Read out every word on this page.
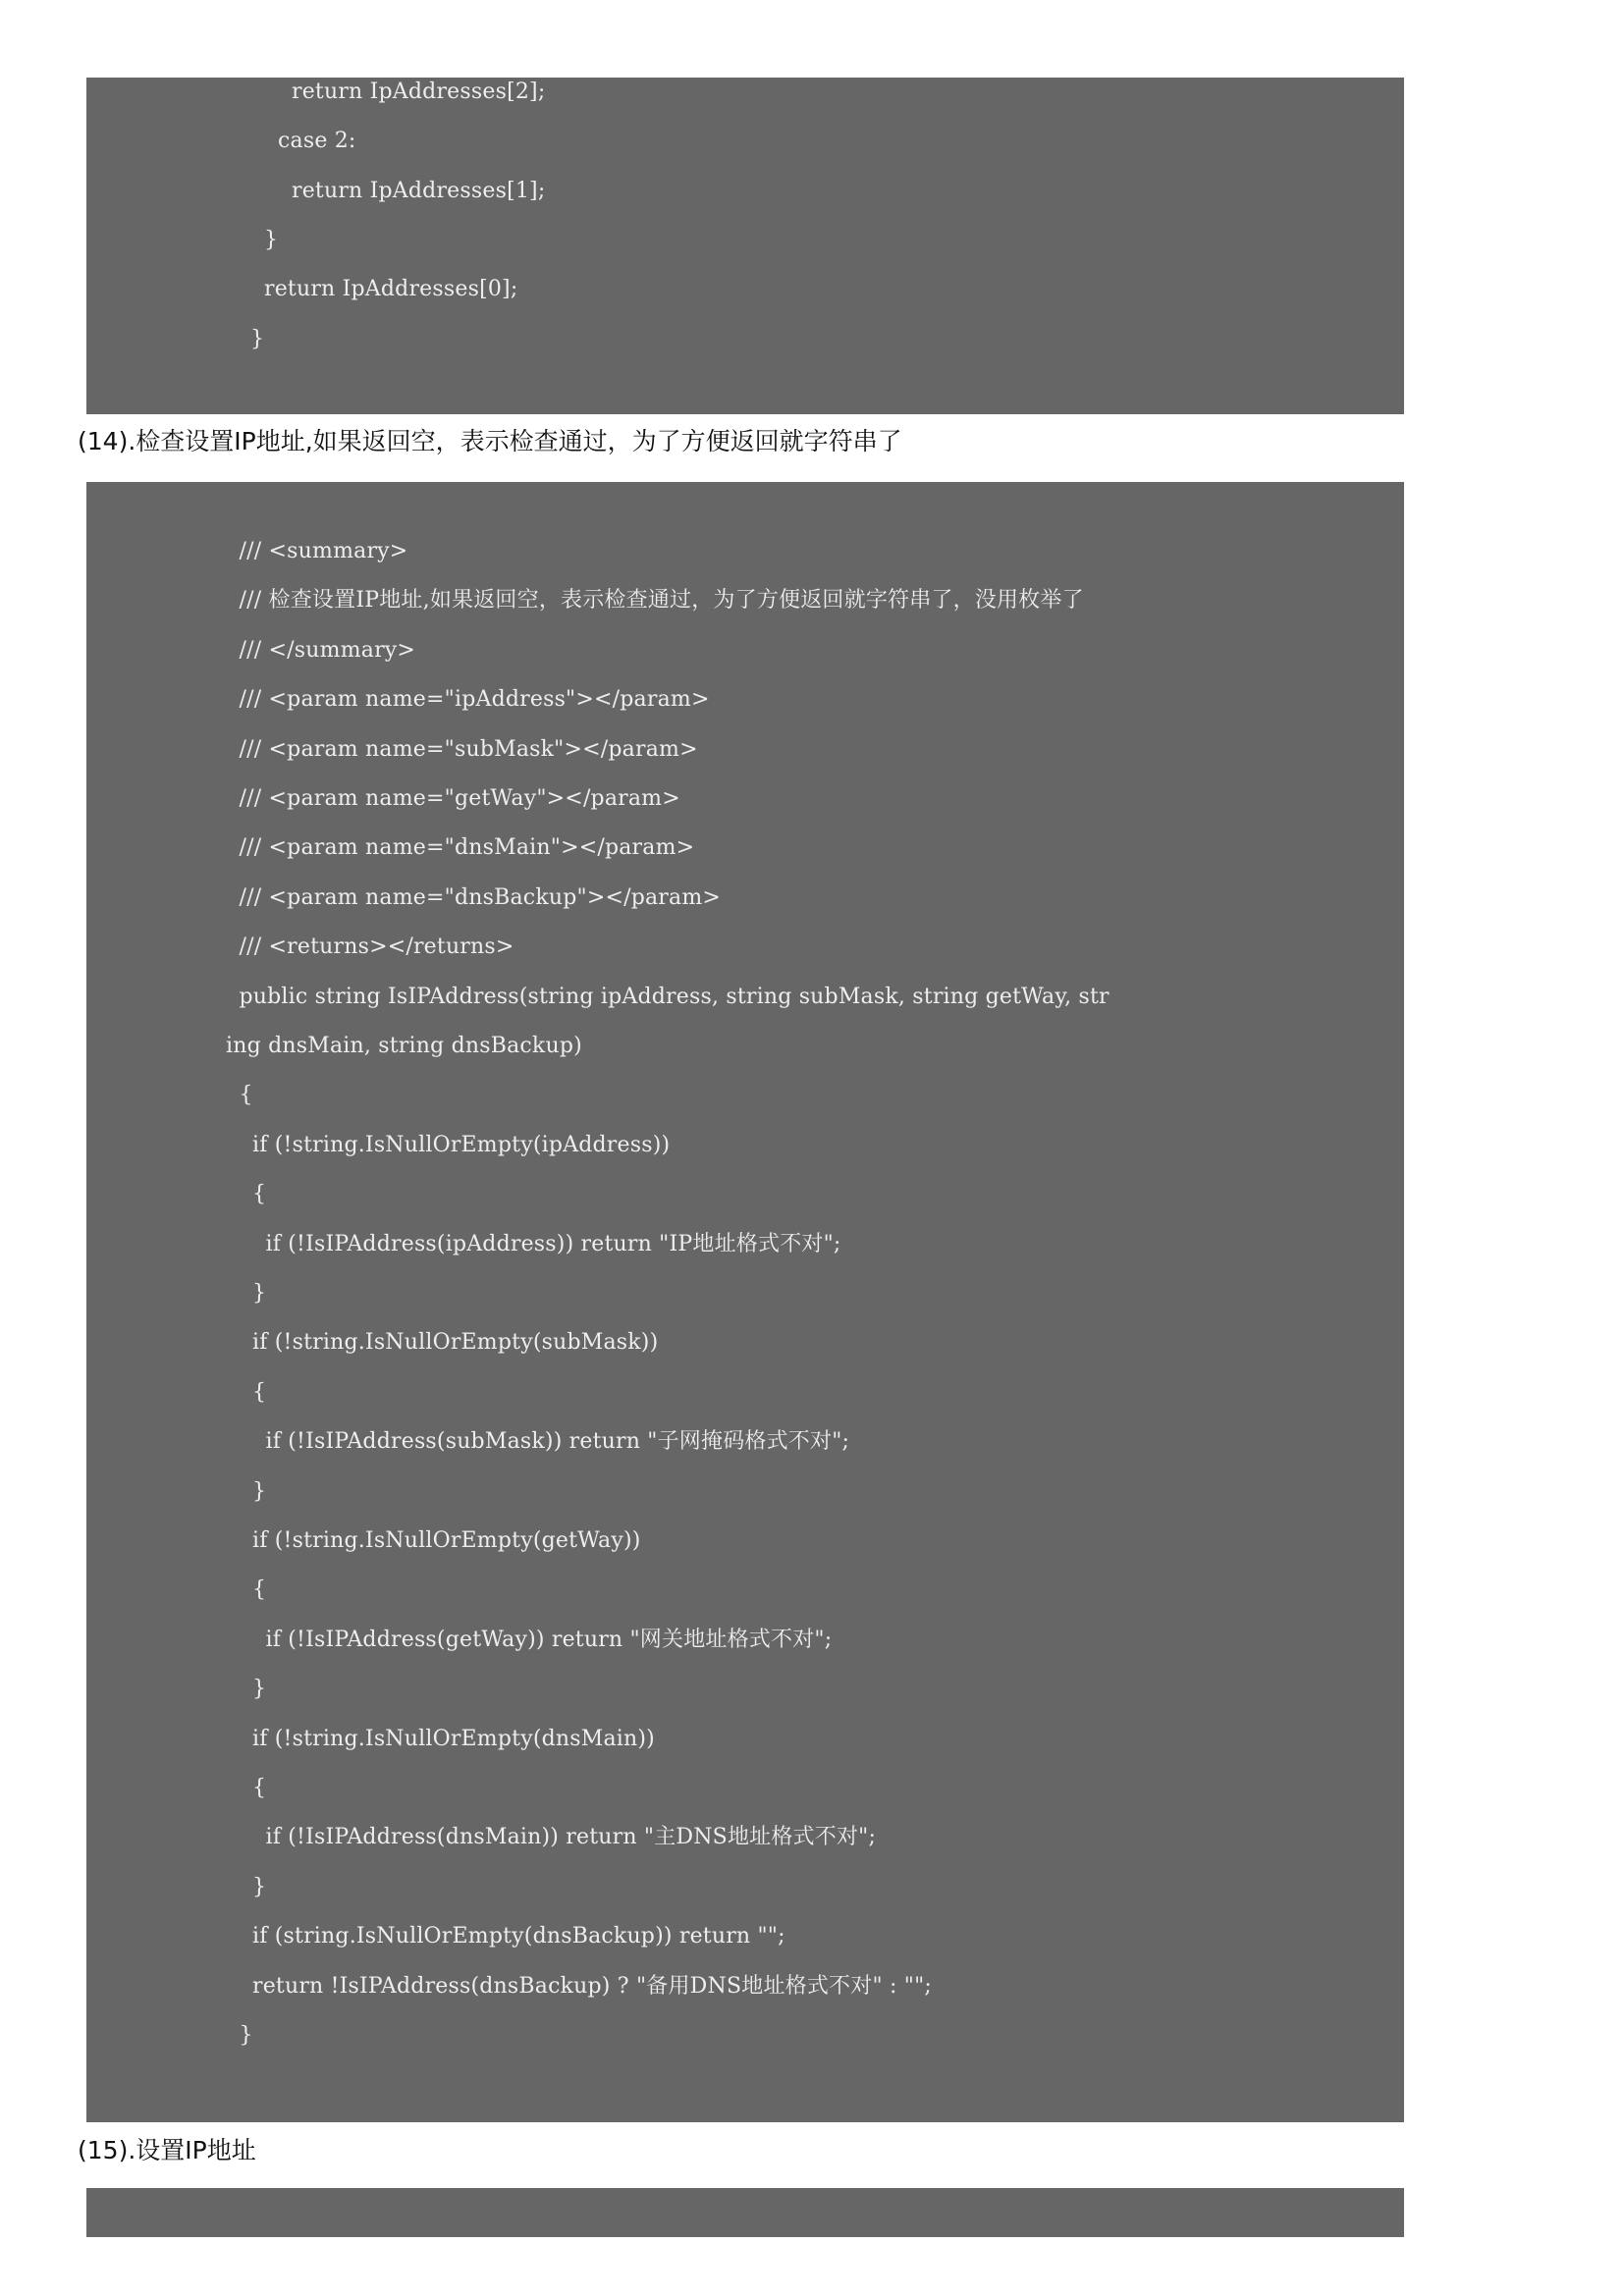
return IpAddresses[2];
case 2:
return IpAddresses[1];
}
return IpAddresses[0];
}
(14).检查设置IP地址,如果返回空，表示检查通过，为了方便返回就字符串了
/// <summary>
/// 检查设置IP地址,如果返回空，表示检查通过，为了方便返回就字符串了，没用枚举了
/// </summary>
/// <param name="ipAddress"></param>
/// <param name="subMask"></param>
/// <param name="getWay"></param>
/// <param name="dnsMain"></param>
/// <param name="dnsBackup"></param>
/// <returns></returns>
public string IsIPAddress(string ipAddress, string subMask, string getWay, str
ing dnsMain, string dnsBackup)
{
if (!string.IsNullOrEmpty(ipAddress))
{
if (!IsIPAddress(ipAddress)) return "IP地址格式不对";
}
if (!string.IsNullOrEmpty(subMask))
{
if (!IsIPAddress(subMask)) return "子网掩码格式不对";
}
if (!string.IsNullOrEmpty(getWay))
{
if (!IsIPAddress(getWay)) return "网关地址格式不对";
}
if (!string.IsNullOrEmpty(dnsMain))
{
if (!IsIPAddress(dnsMain)) return "主DNS地址格式不对";
}
if (string.IsNullOrEmpty(dnsBackup)) return "";
return !IsIPAddress(dnsBackup) ? "备用DNS地址格式不对" : "";
}
(15).设置IP地址
